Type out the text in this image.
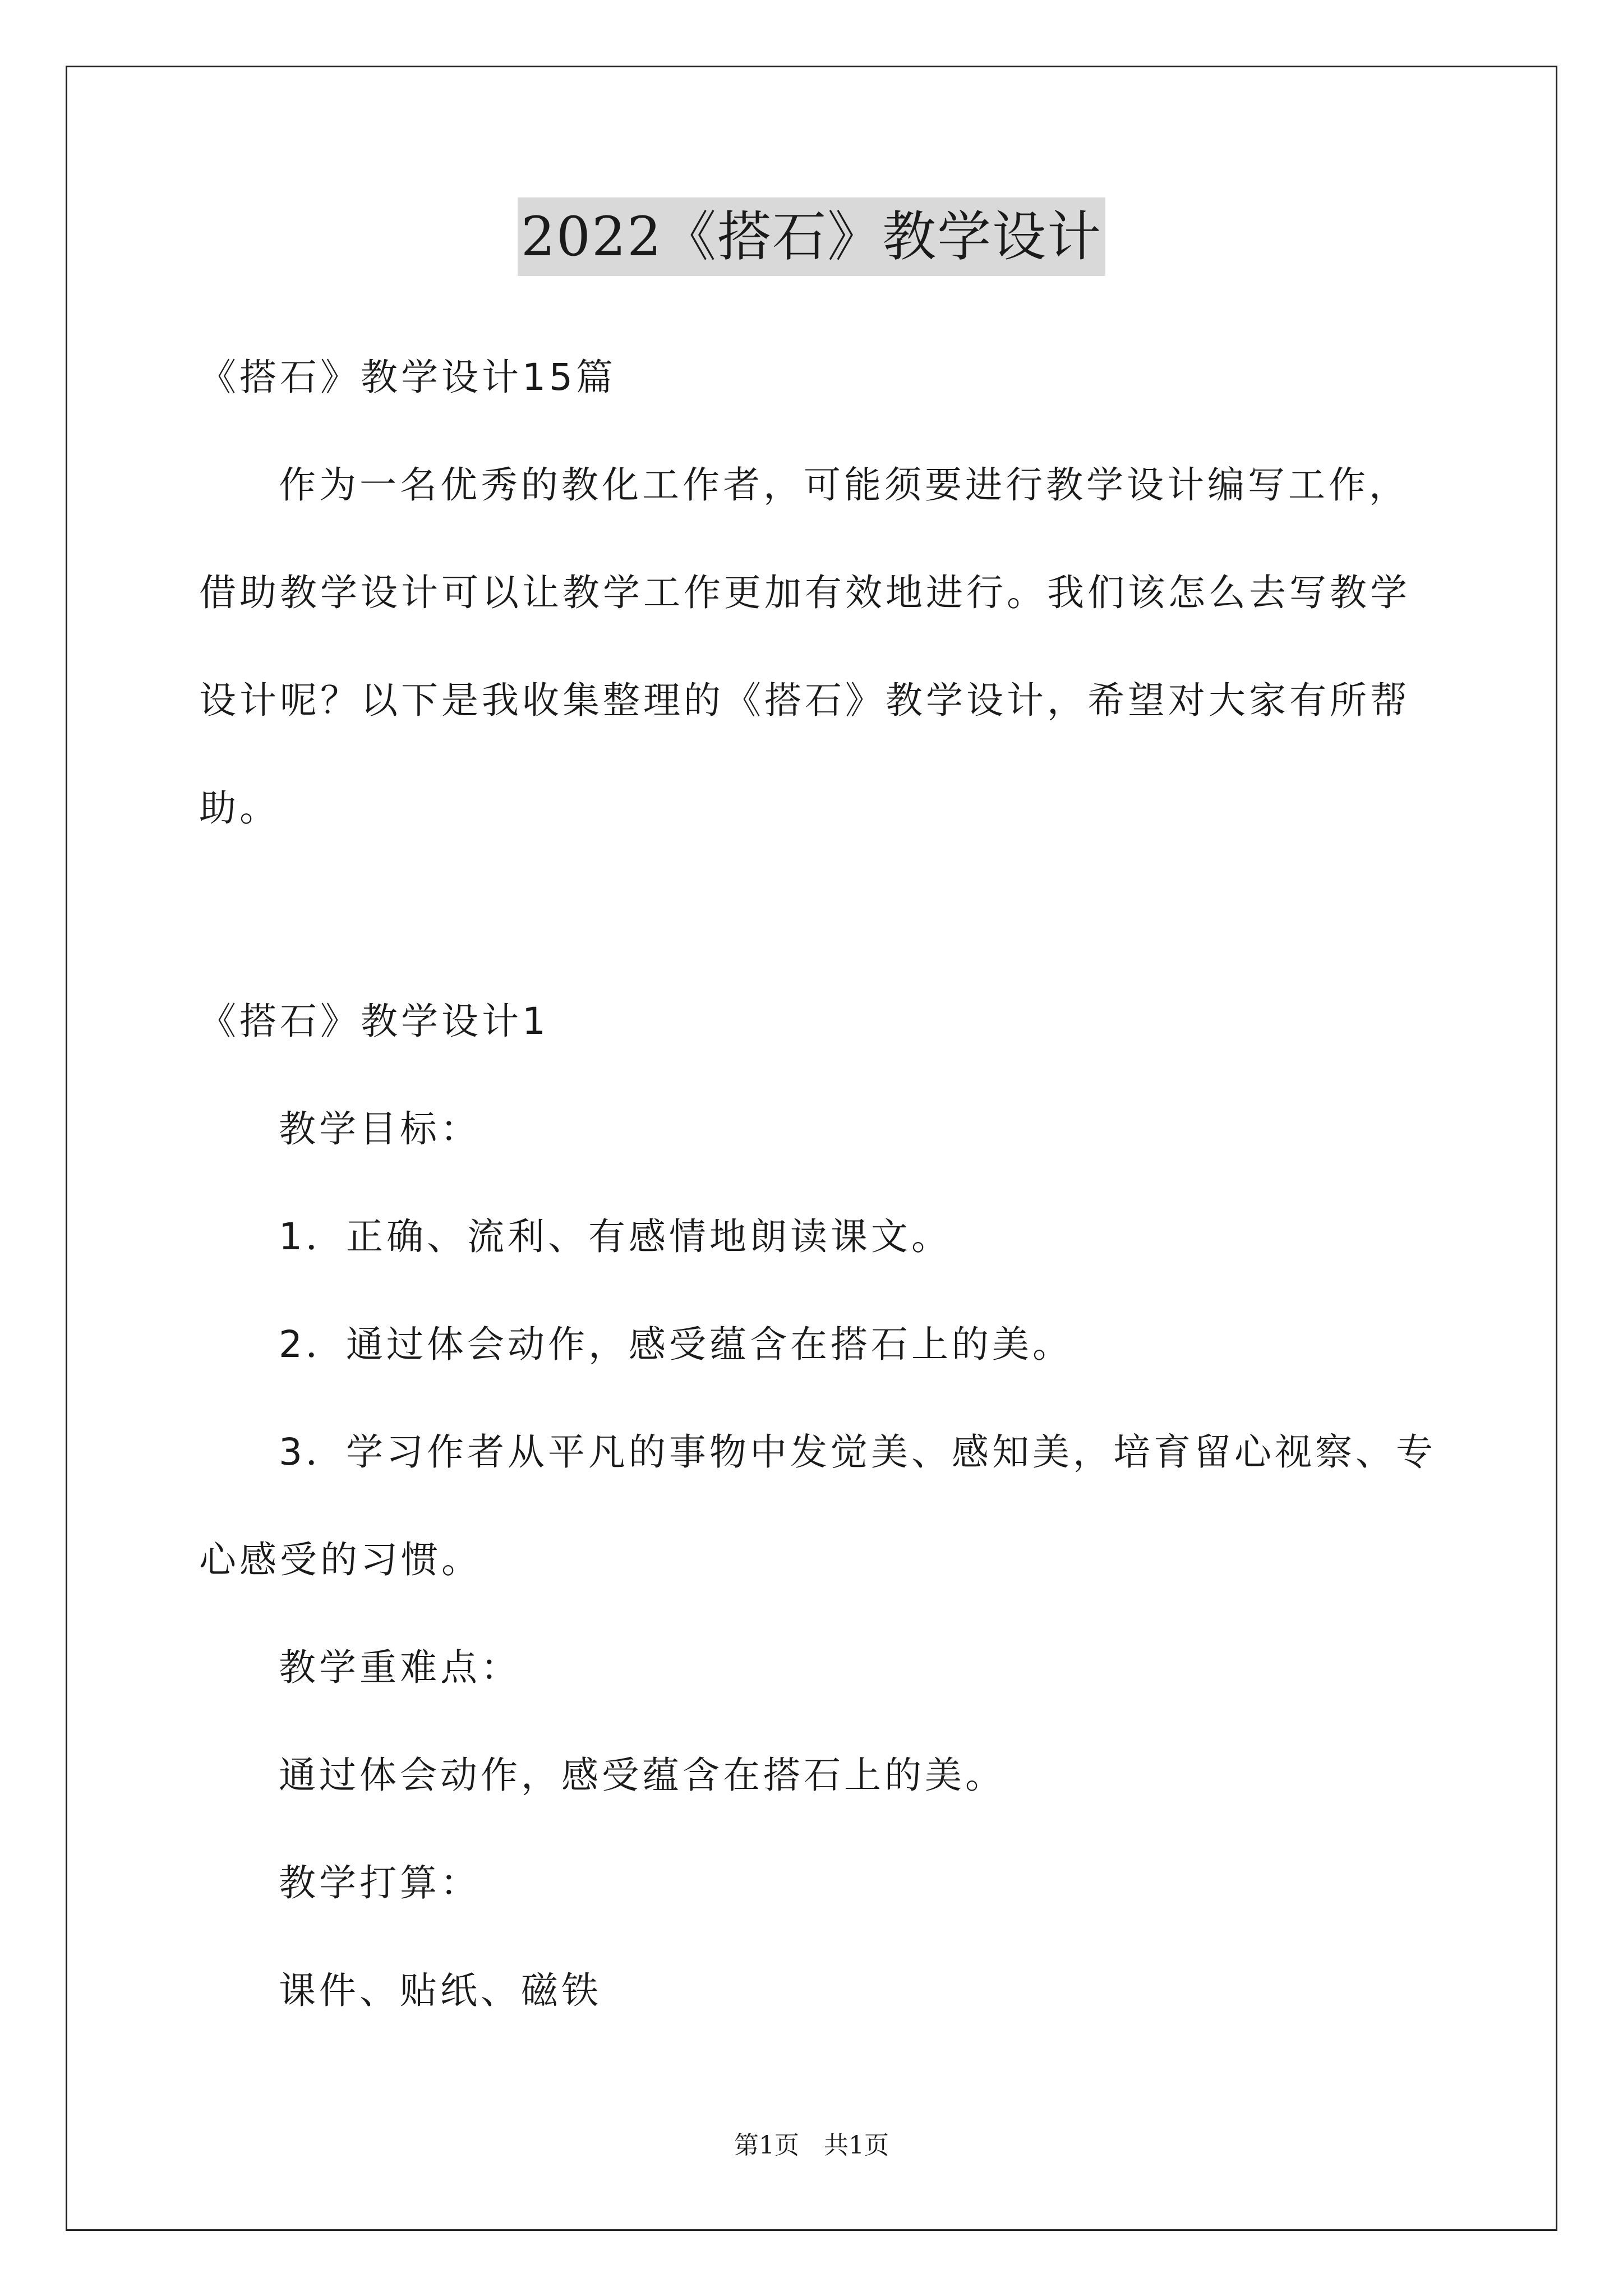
2022《搭石》教学设计
《搭石》教学设计15篇
作为一名优秀的教化工作者，可能须要进行教学设计编写工作，
借助教学设计可以让教学工作更加有效地进行。我们该怎么去写教学
设计呢？以下是我收集整理的《搭石》教学设计，希望对大家有所帮
助。
《搭石》教学设计1
教学目标：
1．正确、流利、有感情地朗读课文。
2．通过体会动作，感受蕴含在搭石上的美。
3．学习作者从平凡的事物中发觉美、感知美，培育留心视察、专
心感受的习惯。
教学重难点：
通过体会动作，感受蕴含在搭石上的美。
教学打算：
课件、贴纸、磁铁
第1页　共1页
